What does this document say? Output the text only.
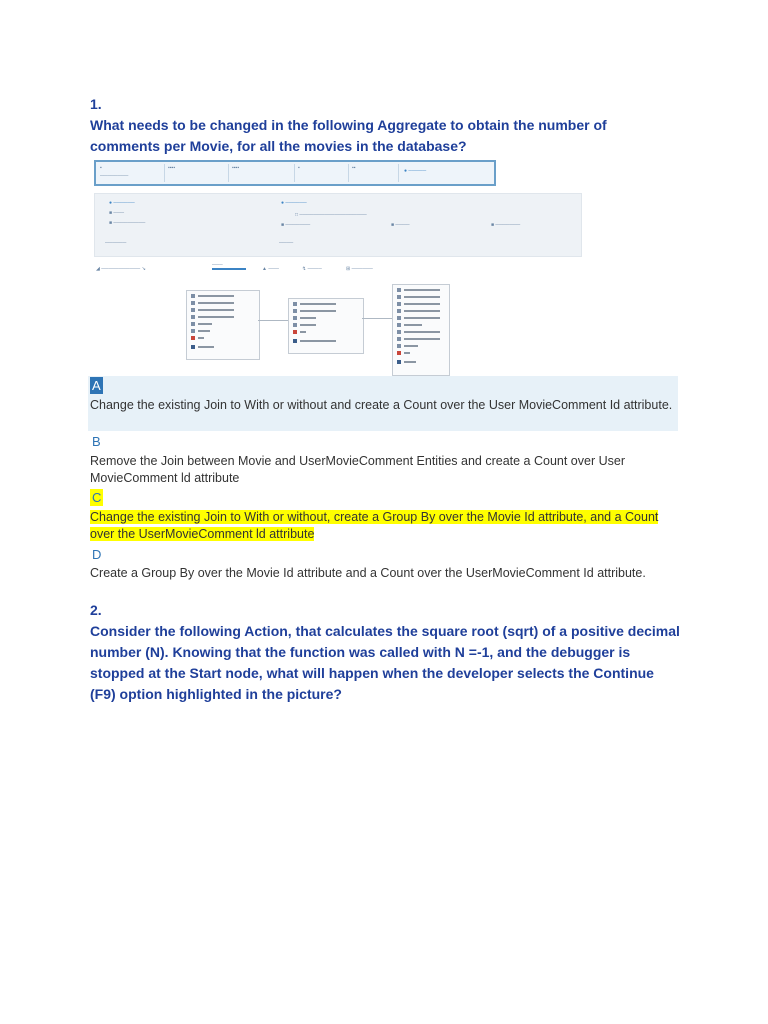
1.
What needs to be changed in the following Aggregate to obtain the number of comments per Movie, for all the movies in the database?
▪
────────
▪▪▪▪	▪▪▪▪	▪	▪▪	● ─────
● ──────
■ ───
■ ─────────
● ──────
□ ───────────────────
■ ───────	■ ────	■ ───────
──────	────
◢ ─────────── ↘
───
▲ ───	↯ ────	⊞ ──────
A
Change the existing Join to With or without and create a Count over the User MovieComment Id attribute.
B
Remove the Join between Movie and UserMovieComment Entities and create a Count over User MovieComment ld attribute
C
Change the existing Join to With or without, create a Group By over the Movie Id attribute, and a Count over the UserMovieComment ld attribute
D
Create a Group By over the Movie Id attribute and a Count over the UserMovieComment Id attribute.
2.
Consider the following Action, that calculates the square root (sqrt) of a positive decimal number (N). Knowing that the function was called with N =-1, and the debugger is stopped at the Start node, what will happen when the developer selects the Continue (F9) option highlighted in the picture?
